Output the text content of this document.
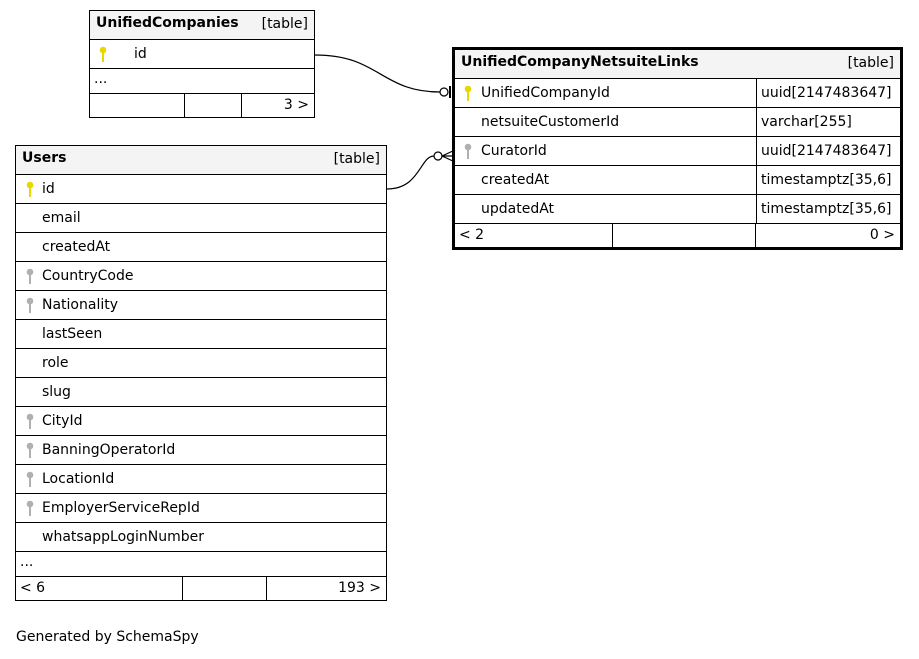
UnifiedCompanies [table]
id
...
3 >
UnifiedCompanyNetsuiteLinks	[table]
UnifiedCompanyId	uuid[2147483647]
netsuiteCustomerId	varchar[255]
CuratorId	uuid[2147483647]
createdAt	timestamptz[35,6]
updatedAt	timestamptz[35,6]
< 2	0 >
Users	[table]
id
email
createdAt
CountryCode
Nationality
lastSeen
role
slug
CityId
BanningOperatorId
LocationId
EmployerServiceRepId
whatsappLoginNumber
...
< 6	193 >
Generated by SchemaSpy
